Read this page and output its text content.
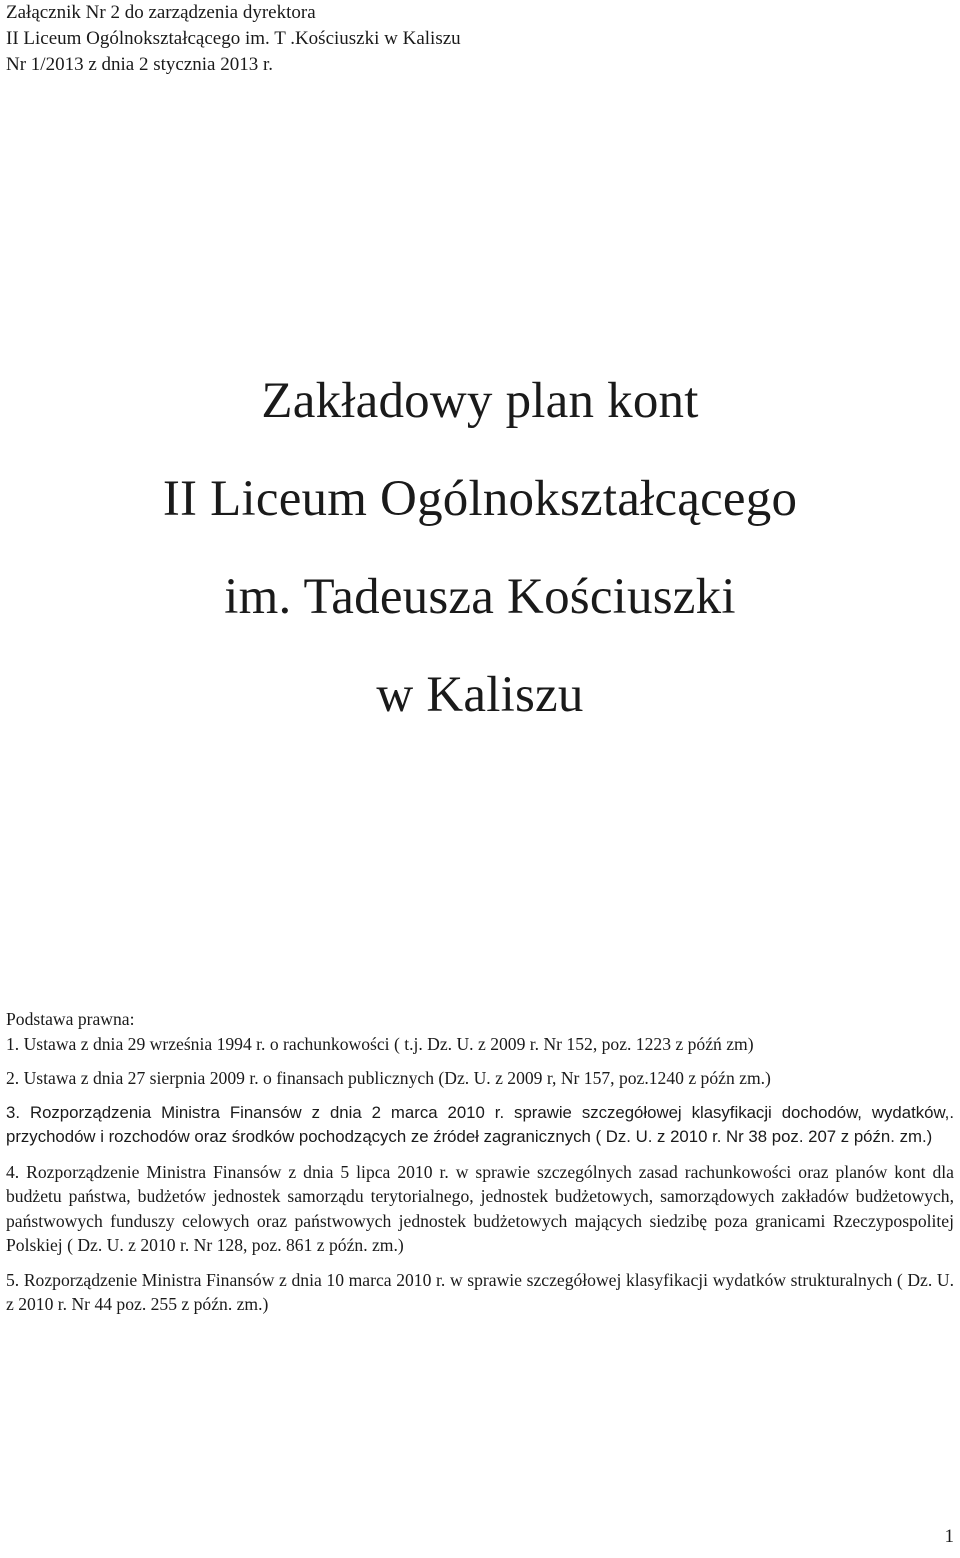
Załącznik Nr 2 do zarządzenia dyrektora
II Liceum Ogólnokształcącego im. T .Kościuszki w Kaliszu
Nr 1/2013 z dnia 2 stycznia 2013 r.
Zakładowy plan kont
II Liceum Ogólnokształcącego
im. Tadeusza Kościuszki
w Kaliszu
Podstawa prawna:
1. Ustawa z dnia 29 września 1994 r. o rachunkowości ( t.j. Dz. U. z 2009 r. Nr 152, poz. 1223 z późń zm)
2. Ustawa z dnia 27 sierpnia 2009 r. o finansach publicznych (Dz. U. z 2009 r, Nr 157, poz.1240 z późn zm.)

3. Rozporządzenia Ministra Finansów z dnia 2 marca 2010 r. sprawie szczegółowej klasyfikacji dochodów, wydatków,. przychodów i rozchodów oraz środków pochodzących ze źródeł zagranicznych ( Dz. U. z 2010 r. Nr 38 poz. 207 z późn. zm.)

4. Rozporządzenie Ministra Finansów z dnia 5 lipca 2010 r. w sprawie szczególnych zasad rachunkowości oraz planów kont dla budżetu państwa, budżetów jednostek samorządu terytorialnego, jednostek budżetowych, samorządowych zakładów budżetowych, państwowych funduszy celowych oraz państwowych jednostek budżetowych mających siedzibę poza granicami Rzeczypospolitej Polskiej ( Dz. U. z 2010 r. Nr 128, poz. 861 z późn. zm.)

5. Rozporządzenie Ministra Finansów z dnia 10 marca 2010 r. w sprawie szczegółowej klasyfikacji wydatków strukturalnych ( Dz. U. z 2010 r. Nr 44 poz. 255 z późn. zm.)

1
